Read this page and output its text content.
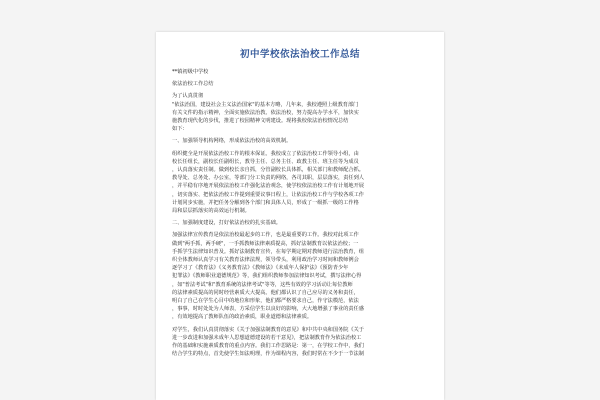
初中学校依法治校工作总结
**镇初级中学校
依法治校工作总结
为了认真贯彻
"依法治国，建设社会主义法治国家"的基本方略，几年来，我校遵照上级教育部门
有关文件的指示精神，全面实施依法治教、依法治校，努力提高办学水平，加快实
施教育现代化的步伐，推进了校园精神文明建设。现将我校依法治校情况总结
如下：
一、加强领导机构网络，形成依法治校的高效机制。
组织健全是开展依法治校工作的根本保证。我校成立了依法治校工作领导小组，由
校长任组长，副校长任副组长，教导主任、总务主任、政教主任、班主任等为成员
，认真落实责任制。做到校长亲自抓，分管副校长具体抓，相关部门和教师配合抓。
教导处、总务处、办公室，等部门分工负责的网络，各司其职，层层落实，责任到人
，并平稳有序地开展依法治校工作强化法治观念，使学校依法治校工作有计划地开展
，切实落实、把依法治校工作提到重要议事日程上，让依法治校工作与学校各项工作
计划同步实施，并把任务分解到各个部门和具体人员，形成了一级抓一级的工作格
局和层层抓落实的高效运行机制。
二、加强制度建设，打好依法治校的扎实基础。
加强法律宣传教育是依法治校最起步的工作，也是最重要的工作。我校对此项工作
做到"两手抓，两手硬"，一手抓教师法律素质提高，抓好法制教育以依法治校；一
手抓学生法律知识普及。抓好法制教育宣传，在每学期定期对教师进行法治教育，组
织全体教师认真学习有关教育法律法规，领导带头，利用政治学习时间和教师例会
逐学习了《教育法》《义务教育法》《教师法》《未成年人保护法》《预防青少年
犯罪法》《教师职业道德规范》等，我们组织教师参加法律知识考试，撰写法律心得
，如"普法考试"和"教育系统的法律考试"等等，这些有效的学习活动让每位教师
的法律素质提高的同时经营素质大大提高。他们都认识了自己应尽的义务和责任，
明白了自己在学生心目中的地位和形象，他们都严格要求自己，作守法模范，依法
，事事，时时处处为人师表，方采信学生以良好的影响，大大地增强了事业的责任感
，有效地提高了教师队伍的政治素质，职业道德和法律素质。
对学生，我们认真贯彻落实《关于加强法制教育的意见》和中共中央和国务院《关于
进一步改进和加强未成年人思想道德建设的若干意见》，把法制教育作为依法治校工
作的基础和实施素质教育的重点内容。我们工作思路是：第一，在学校工作中，我们
结合学生的特点，首先使学生知法明理，作为课程内容，我们时常在不少于一节法制
